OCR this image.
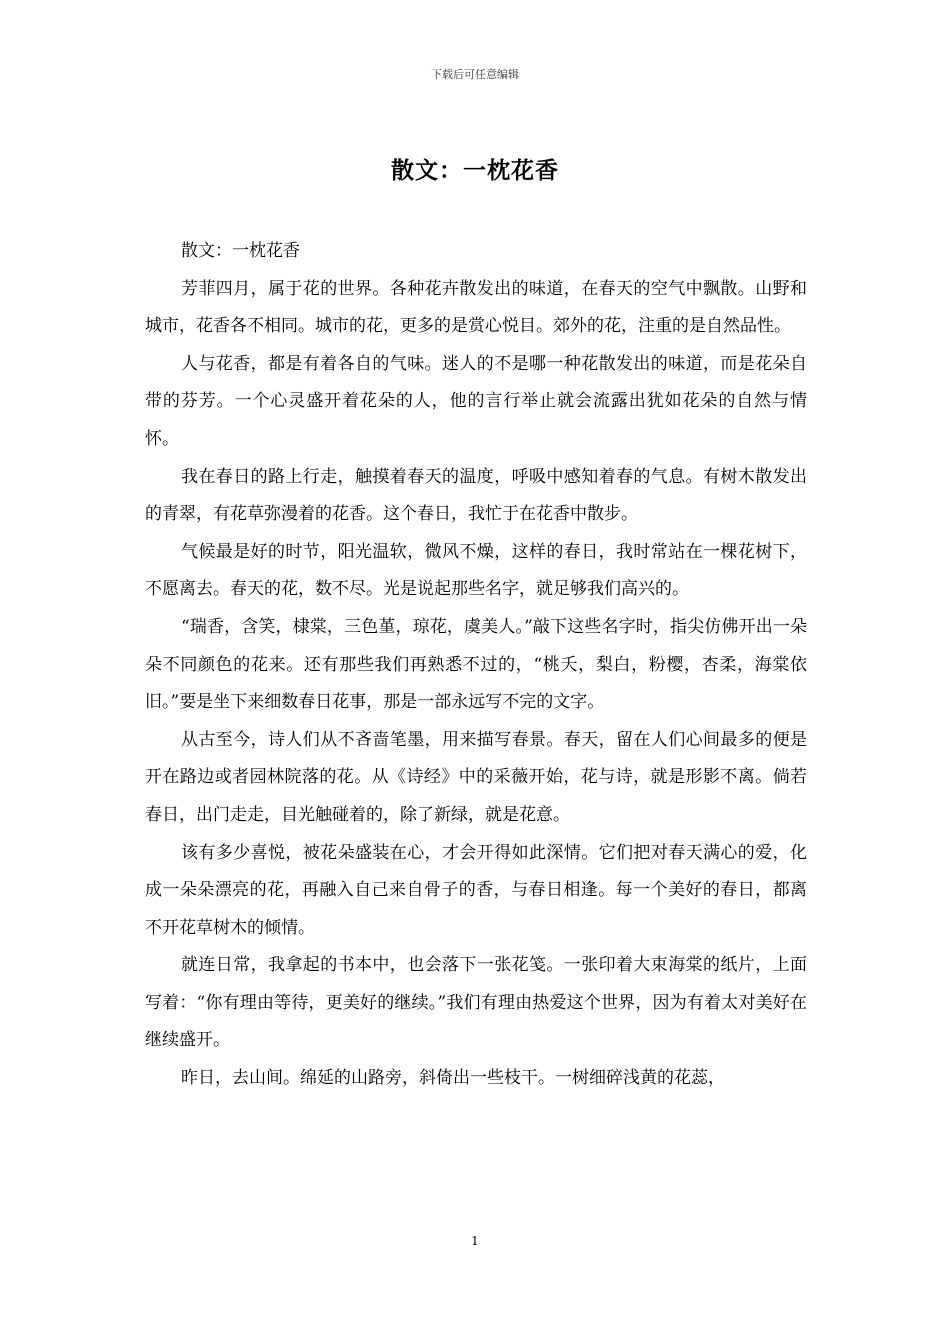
下载后可任意编辑
散文：一枕花香

散文：一枕花香

芳菲四月，属于花的世界。各种花卉散发出的味道，在春天的空气中飘散。山野和城市，花香各不相同。城市的花，更多的是赏心悦目。郊外的花，注重的是自然品性。

人与花香，都是有着各自的气味。迷人的不是哪一种花散发出的味道，而是花朵自带的芬芳。一个心灵盛开着花朵的人，他的言行举止就会流露出犹如花朵的自然与情怀。

我在春日的路上行走，触摸着春天的温度，呼吸中感知着春的气息。有树木散发出的青翠，有花草弥漫着的花香。这个春日，我忙于在花香中散步。

气候最是好的时节，阳光温软，微风不燥，这样的春日，我时常站在一棵花树下，不愿离去。春天的花，数不尽。光是说起那些名字，就足够我们高兴的。

“瑞香，含笑，棣棠，三色堇，琼花，虞美人。”敲下这些名字时，指尖仿佛开出一朵朵不同颜色的花来。还有那些我们再熟悉不过的，“桃夭，梨白，粉樱，杏柔，海棠依旧。”要是坐下来细数春日花事，那是一部永远写不完的文字。

从古至今，诗人们从不吝啬笔墨，用来描写春景。春天，留在人们心间最多的便是开在路边或者园林院落的花。从《诗经》中的采薇开始，花与诗，就是形影不离。倘若春日，出门走走，目光触碰着的，除了新绿，就是花意。

该有多少喜悦，被花朵盛装在心，才会开得如此深情。它们把对春天满心的爱，化成一朵朵漂亮的花，再融入自己来自骨子的香，与春日相逢。每一个美好的春日，都离不开花草树木的倾情。

就连日常，我拿起的书本中，也会落下一张花笺。一张印着大束海棠的纸片，上面写着：“你有理由等待，更美好的继续。”我们有理由热爱这个世界，因为有着太对美好在继续盛开。

昨日，去山间。绵延的山路旁，斜倚出一些枝干。一树细碎浅黄的花蕊，

1
